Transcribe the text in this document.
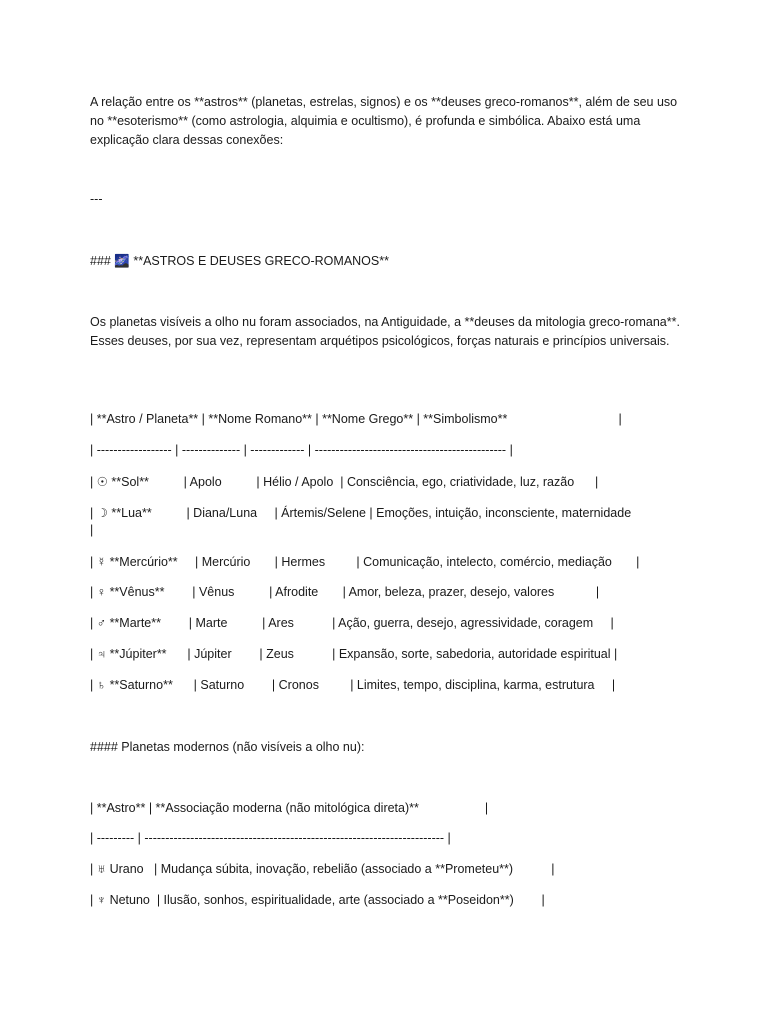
A relação entre os **astros** (planetas, estrelas, signos) e os **deuses greco-romanos**, além de seu uso no **esoterismo** (como astrologia, alquimia e ocultismo), é profunda e simbólica. Abaixo está uma explicação clara dessas conexões:
---
### 🌌 **ASTROS E DEUSES GRECO-ROMANOS**
Os planetas visíveis a olho nu foram associados, na Antiguidade, a **deuses da mitologia greco-romana**. Esses deuses, por sua vez, representam arquétipos psicológicos, forças naturais e princípios universais.
| **Astro / Planeta** | **Nome Romano** | **Nome Grego** | **Simbolismo**                                |
| ------------------ | -------------- | ------------- | ---------------------------------------------- |
| ☉ **Sol**          | Apolo          | Hélio / Apolo  | Consciência, ego, criatividade, luz, razão      |
| ☽ **Lua**          | Diana/Luna     | Ártemis/Selene | Emoções, intuição, inconsciente, maternidade
|
| ☿ **Mercúrio**     | Mercúrio       | Hermes         | Comunicação, intelecto, comércio, mediação       |
| ♀ **Vênus**        | Vênus          | Afrodite       | Amor, beleza, prazer, desejo, valores            |
| ♂ **Marte**        | Marte          | Ares           | Ação, guerra, desejo, agressividade, coragem     |
| ♃ **Júpiter**      | Júpiter        | Zeus           | Expansão, sorte, sabedoria, autoridade espiritual |
| ♄ **Saturno**      | Saturno        | Cronos         | Limites, tempo, disciplina, karma, estrutura     |
#### Planetas modernos (não visíveis a olho nu):
| **Astro** | **Associação moderna (não mitológica direta)**                   |
| --------- | ------------------------------------------------------------------------ |
| ♅ Urano   | Mudança súbita, inovação, rebelião (associado a **Prometeu**)           |
| ♆ Netuno  | Ilusão, sonhos, espiritualidade, arte (associado a **Poseidon**)        |
